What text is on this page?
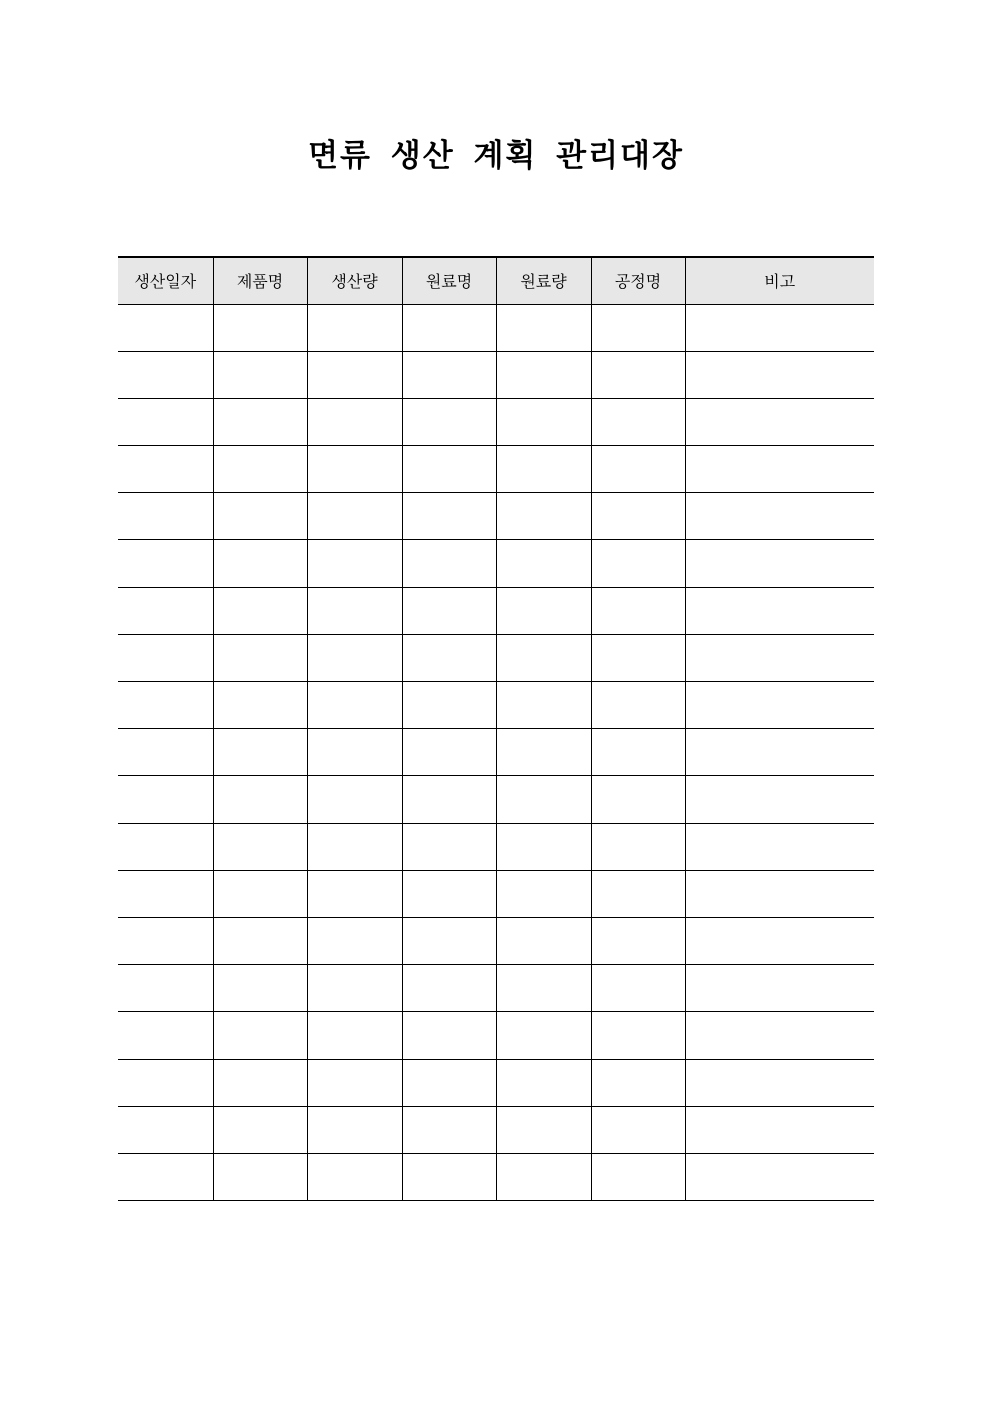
면류 생산 계획 관리대장
생산일자	제품명	생산량	원료명	원료량	공정명	비고
